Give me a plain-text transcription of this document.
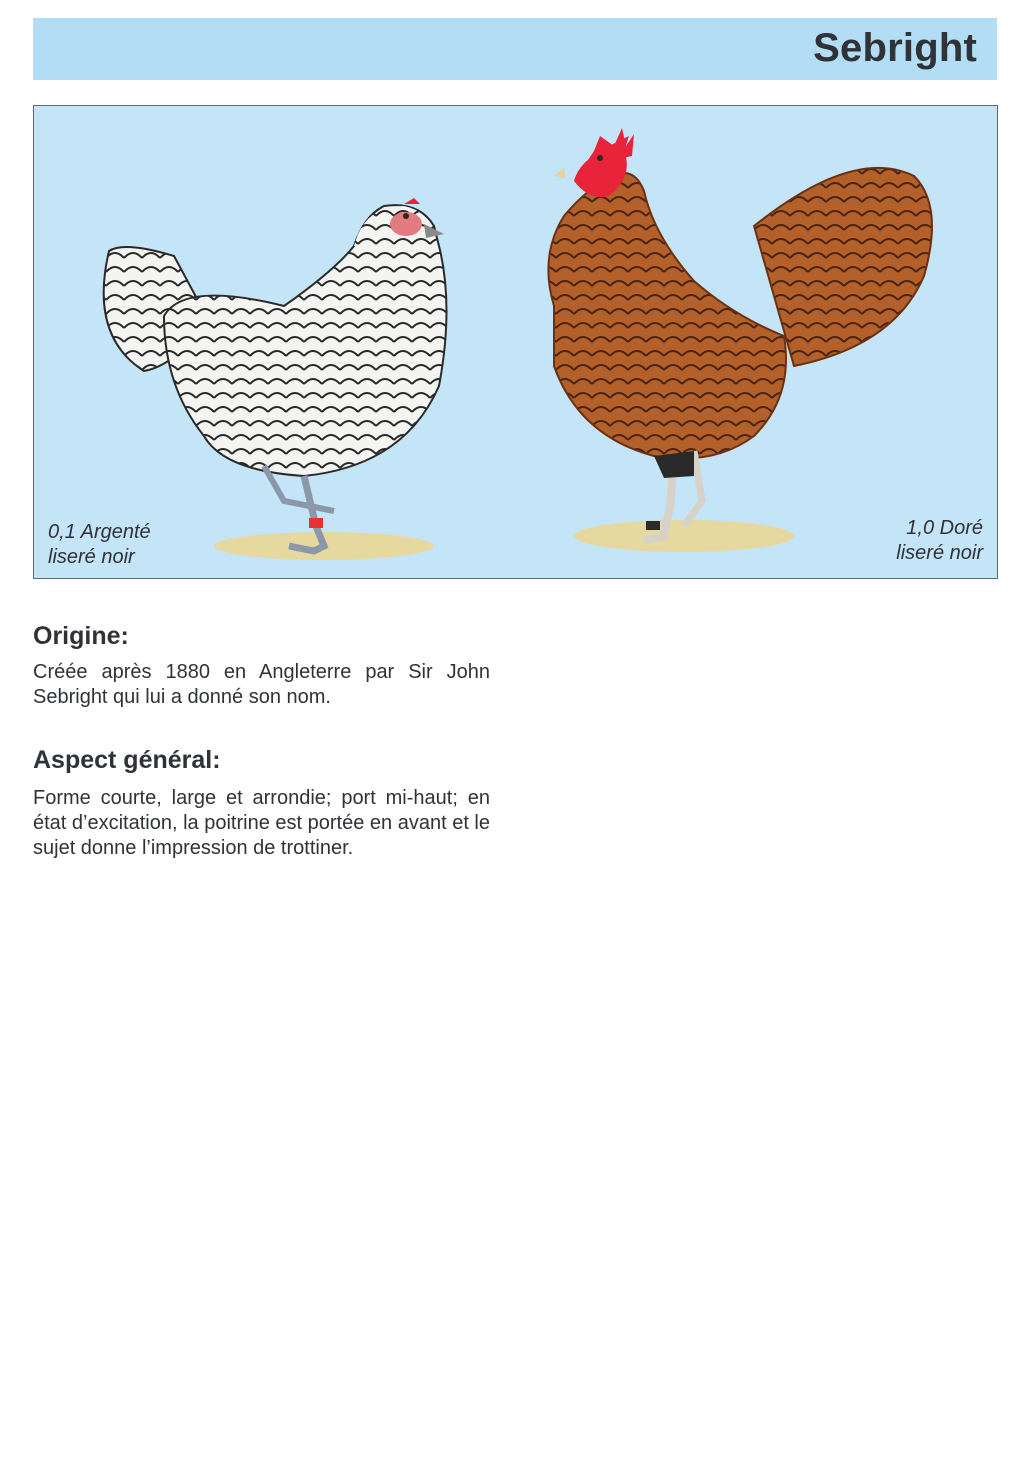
Sebright
0,1 Argenté
liseré noir
1,0 Doré
liseré noir
Origine:
Créée après 1880 en Angleterre par Sir John Sebright qui lui a donné son nom.
Aspect général:
Forme courte, large et arrondie; port mi-haut; en état d’excitation, la poitrine est portée en avant et le sujet donne l’impression de trottiner.
